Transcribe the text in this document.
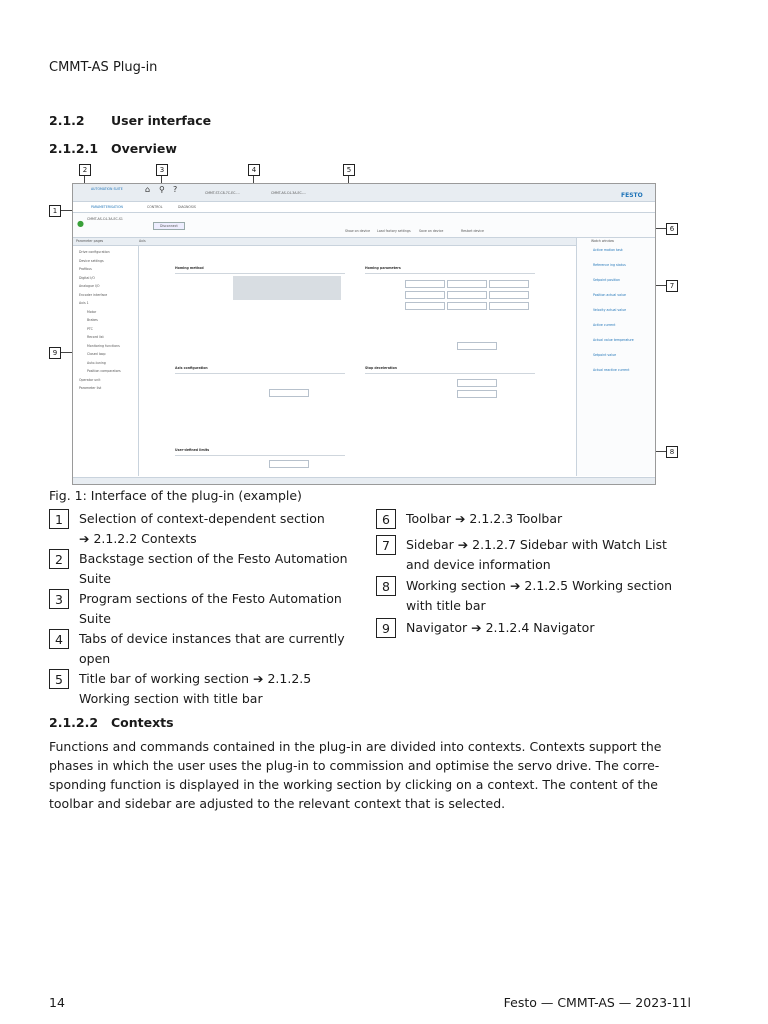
CMMT-AS Plug-in
2.1.2 User interface
2.1.2.1 Overview
2	3	4	5
1
6
7
8
9
AUTOMATION SUITE	⌂ ⚲ ?	CMMT-ST-C8-7C-EC-...	CMMT-AS-C4-3A-EC-...	FESTO
PARAMETERISATION	CONTROL	DIAGNOSIS
● CMMT-AS-C4-3A-EC-S1
Disconnect
Show on device Load factory settings	Save on device	Restart device
Parameter pages	Axis
Drive configuration
Device settings
Profibus
Digital I/O
Analogue I/O
Encoder interface
Axis 1
Motor
Brakes
PTC
Record list
Monitoring functions
Closed loop
Auto-tuning
Position comparators
Operator unit
Parameter list
Watch window
Active motion task
Reference ing status
Setpoint position
Position actual value
Velocity actual value
Active current
Actual value temperature
Setpoint value
Actual reactive current
Homing method	Homing parameters
Axis configuration	Stop deceleration
User-defined limits
Fig. 1: Interface of the plug-in (example)
1	Selection of context-dependent section
➔ 2.1.2.2 Contexts
2	Backstage section of the Festo Automation
Suite
3	Program sections of the Festo Automation
Suite
4	Tabs of device instances that are currently
open
5	Title bar of working section ➔ 2.1.2.5
Working section with title bar
6	Toolbar ➔ 2.1.2.3 Toolbar
7	Sidebar ➔ 2.1.2.7 Sidebar with Watch List
and device information
8	Working section ➔ 2.1.2.5 Working section
with title bar
9	Navigator ➔ 2.1.2.4 Navigator
2.1.2.2 Contexts
Functions and commands contained in the plug-in are divided into contexts. Contexts support the phases in which the user uses the plug-in to commission and optimise the servo drive. The corre-sponding function is displayed in the working section by clicking on a context. The content of the toolbar and sidebar are adjusted to the relevant context that is selected.
14	Festo — CMMT-AS — 2023-11l
